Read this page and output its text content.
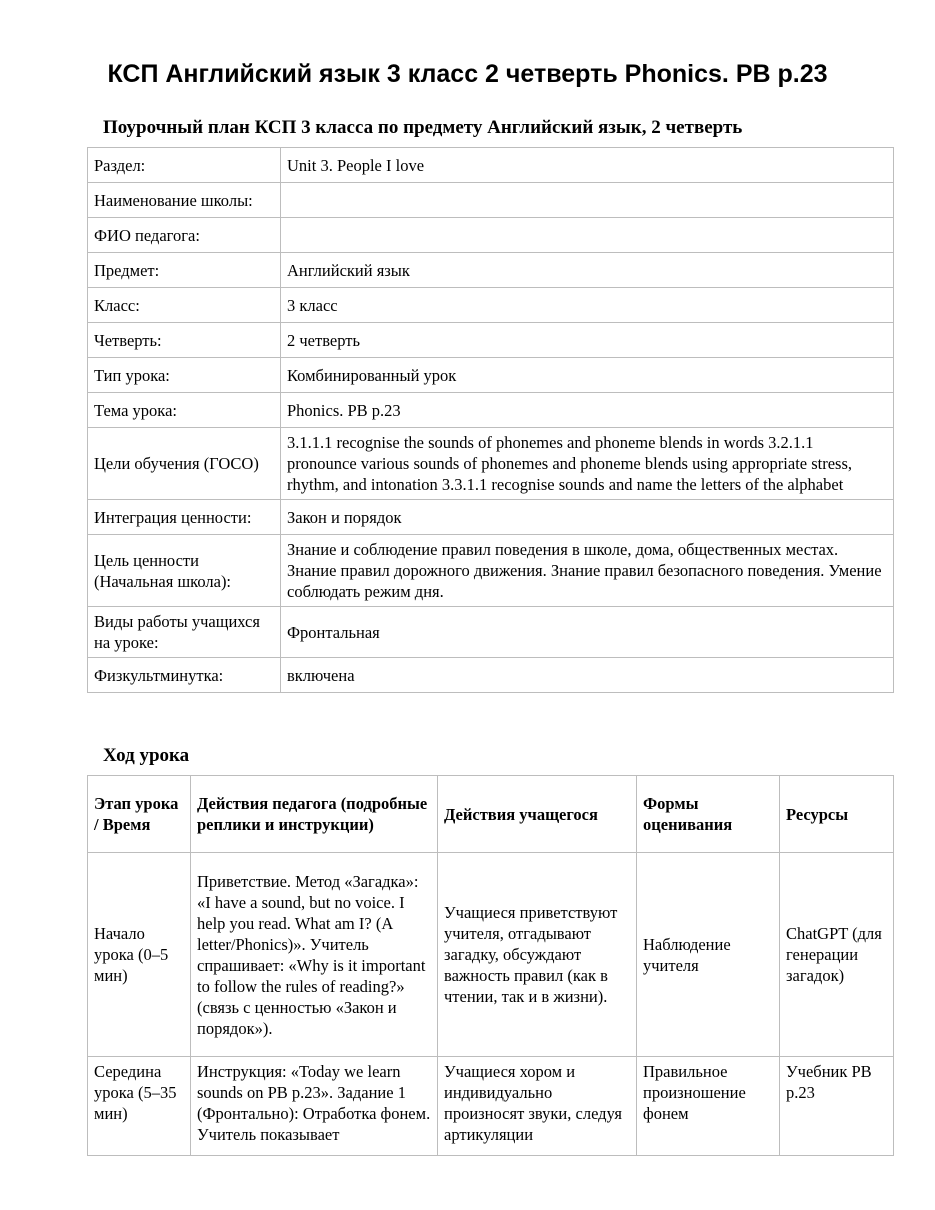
КСП Английский язык 3 класс 2 четверть Phonics. PB p.23
Поурочный план КСП 3 класса по предмету Английский язык, 2 четверть
Раздел:	Unit 3. People I love
Наименование школы:	
ФИО педагога:	
Предмет:	Английский язык
Класс:	3 класс
Четверть:	2 четверть
Тип урока:	Комбинированный урок
Тема урока:	Phonics. PB p.23
Цели обучения (ГОСО)	3.1.1.1 recognise the sounds of phonemes and phoneme blends in words 3.2.1.1 pronounce various sounds of phonemes and phoneme blends using appropriate stress, rhythm, and intonation 3.3.1.1 recognise sounds and name the letters of the alphabet
Интеграция ценности:	Закон и порядок
Цель ценности (Начальная школа):	Знание и соблюдение правил поведения в школе, дома, общественных местах. Знание правил дорожного движения. Знание правил безопасного поведения. Умение соблюдать режим дня.
Виды работы учащихся на уроке:	Фронтальная
Физкультминутка:	включена
Ход урока
Этап урока / Время	Действия педагога (подробные реплики и инструкции)	Действия учащегося	Формы оценивания	Ресурсы
Начало урока (0–5 мин)	Приветствие. Метод «Загадка»: «I have a sound, but no voice. I help you read. What am I? (A letter/Phonics)». Учитель спрашивает: «Why is it important to follow the rules of reading?» (связь с ценностью «Закон и порядок»).	Учащиеся приветствуют учителя, отгадывают загадку, обсуждают важность правил (как в чтении, так и в жизни).	Наблюдение учителя	ChatGPT (для генерации загадок)
Середина урока (5–35 мин)	Инструкция: «Today we learn sounds on PB p.23». Задание 1 (Фронтально): Отработка фонем. Учитель показывает	Учащиеся хором и индивидуально произносят звуки, следуя артикуляции	Правильное произношение фонем	Учебник PB p.23
